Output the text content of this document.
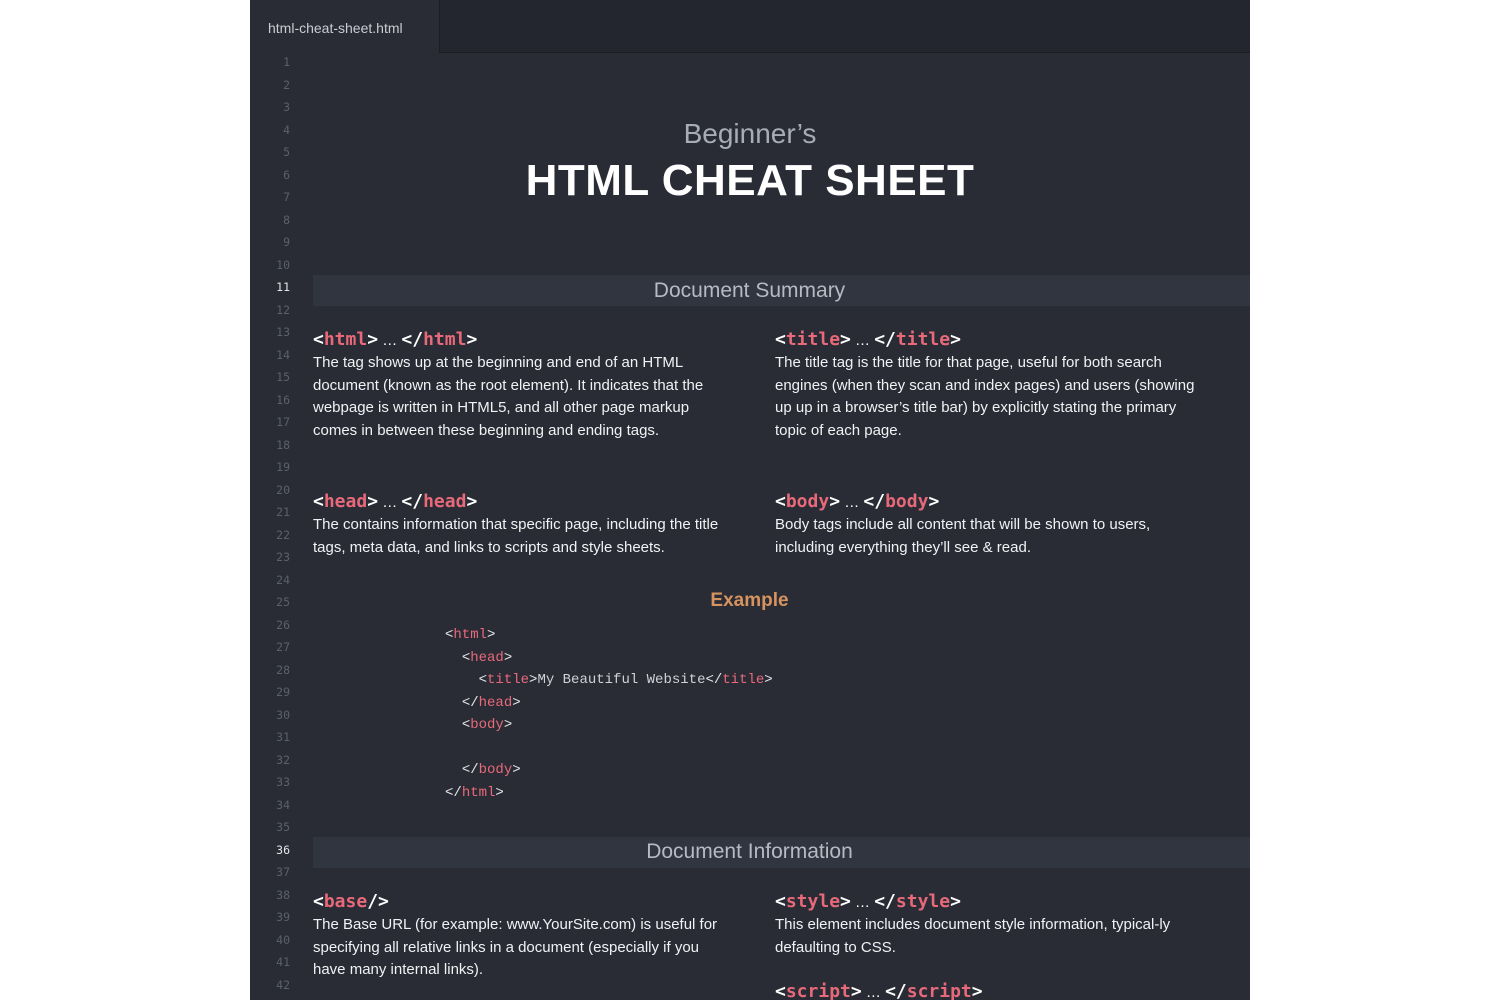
html-cheat-sheet.html
1
2
3
4
5
6
7
8
9
10
11
12
13
14
15
16
17
18
19
20
21
22
23
24
25
26
27
28
29
30
31
32
33
34
35
36
37
38
39
40
41
42
Beginner’s
HTML CHEAT SHEET
Document Summary
<html> … </html>
The tag shows up at the beginning and end of an HTML document (known as the root element). It indicates that the webpage is written in HTML5, and all other page markup comes in between these beginning and ending tags.
<title> … </title>
The title tag is the title for that page, useful for both search engines (when they scan and index pages) and users (showing up up in a browser’s title bar) by explicitly stating the primary topic of each page.
<head> … </head>
The contains information that specific page, including the title tags, meta data, and links to scripts and style sheets.
<body> … </body>
Body tags include all content that will be shown to users, including everything they’ll see & read.
Example
<html>
<head>
<title>My Beautiful Website</title>
</head>
<body>
</body>
</html>
Document Information
<base/>
The Base URL (for example: www.YourSite.com) is useful for specifying all relative links in a document (especially if you have many internal links).
<style> … </style>
This element includes document style information, typical-ly defaulting to CSS.
<script> … </script>
